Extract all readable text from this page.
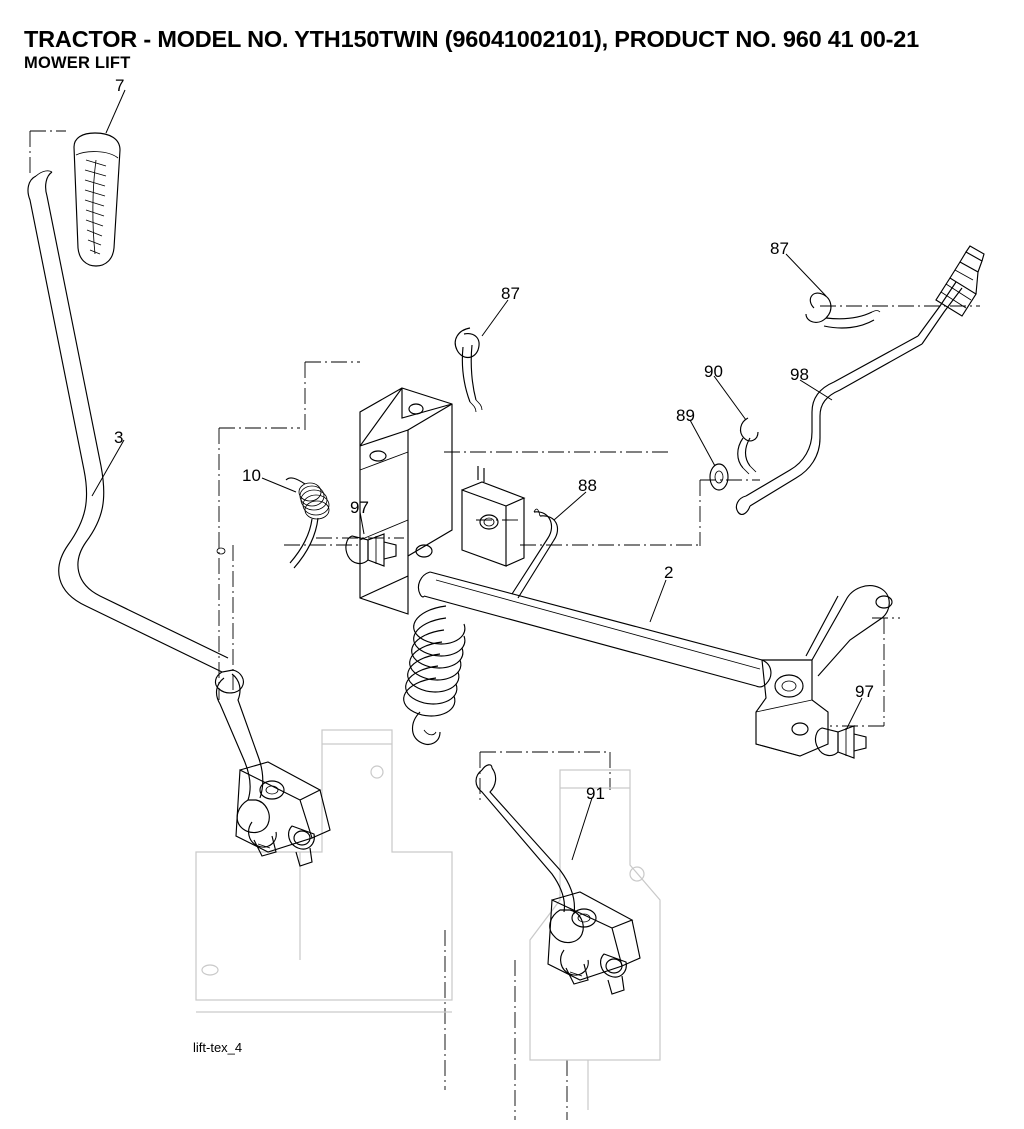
TRACTOR - MODEL NO. YTH150TWIN (96041002101), PRODUCT NO. 960 41 00-21
MOWER LIFT
7
87
87
3
98
90
89
10
97
88
2
97
91
lift-tex_4
